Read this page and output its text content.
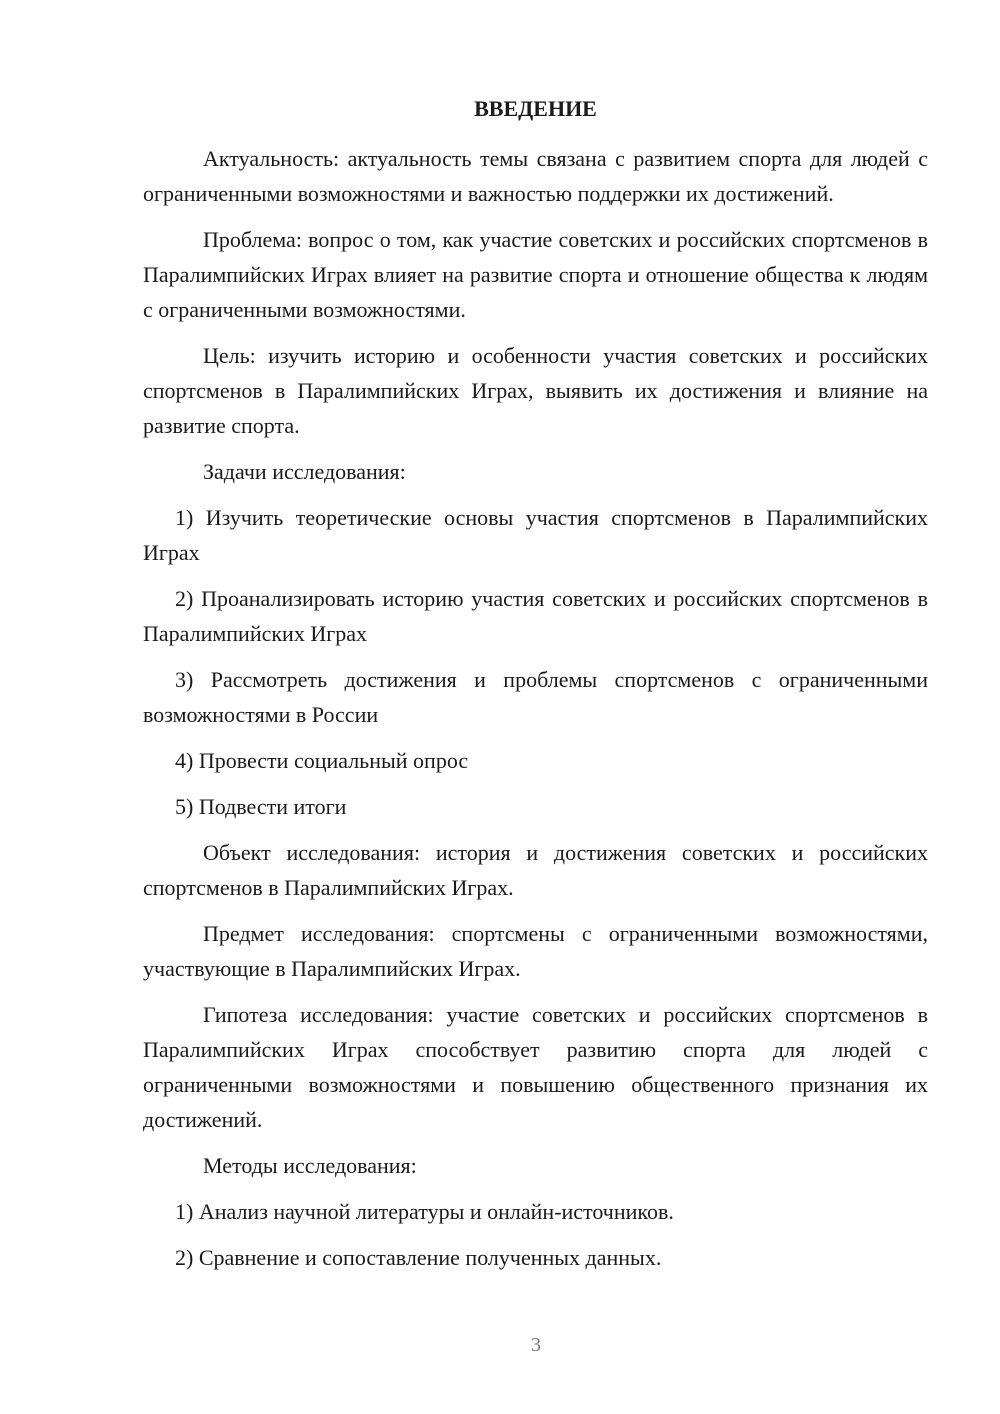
ВВЕДЕНИЕ

Актуальность: актуальность темы связана с развитием спорта для людей с ограниченными возможностями и важностью поддержки их достижений.

Проблема: вопрос о том, как участие советских и российских спортсменов в Паралимпийских Играх влияет на развитие спорта и отношение общества к людям с ограниченными возможностями.

Цель: изучить историю и особенности участия советских и российских спортсменов в Паралимпийских Играх, выявить их достижения и влияние на развитие спорта.

Задачи исследования:

1) Изучить теоретические основы участия спортсменов в Паралимпийских Играх

2) Проанализировать историю участия советских и российских спортсменов в Паралимпийских Играх

3) Рассмотреть достижения и проблемы спортсменов с ограниченными возможностями в России

4) Провести социальный опрос

5) Подвести итоги

Объект исследования: история и достижения советских и российских спортсменов в Паралимпийских Играх.

Предмет исследования: спортсмены с ограниченными возможностями, участвующие в Паралимпийских Играх.

Гипотеза исследования: участие советских и российских спортсменов в Паралимпийских Играх способствует развитию спорта для людей с ограниченными возможностями и повышению общественного признания их достижений.

Методы исследования:

1) Анализ научной литературы и онлайн-источников.

2) Сравнение и сопоставление полученных данных.

3
